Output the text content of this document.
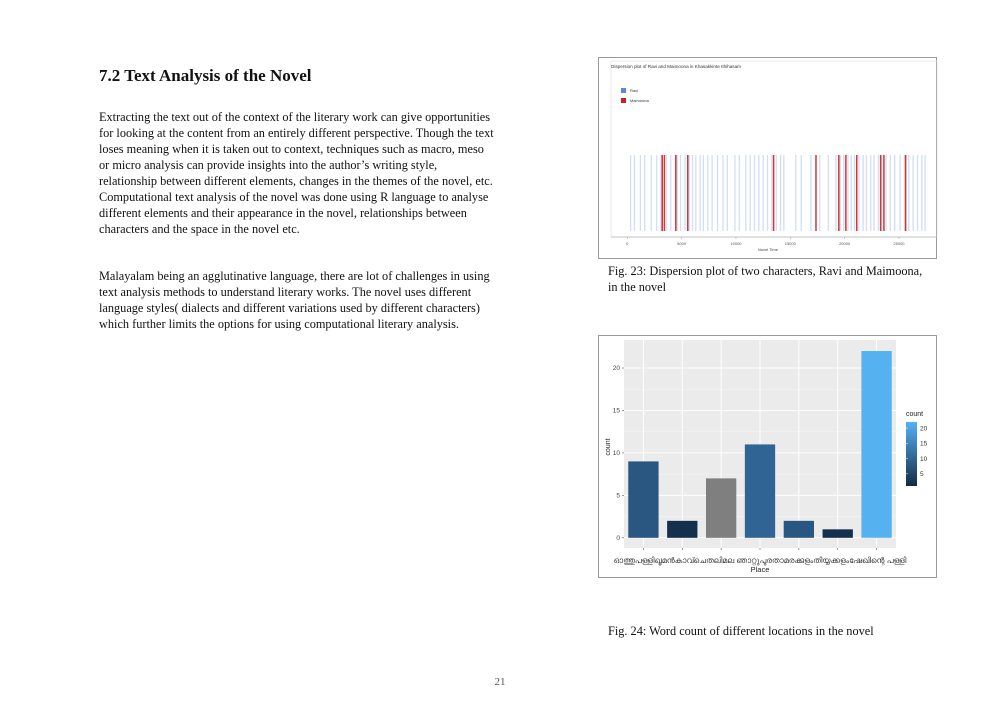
7.2 Text Analysis of the Novel

Extracting the text out of the context of the literary work can give opportunities for looking at the content from an entirely different perspective. Though the text loses meaning when it is taken out to context, techniques such as macro, meso or micro analysis can provide insights into the author’s writing style, relationship between different elements, changes in the themes of the novel, etc. Computational text analysis of the novel was done using R language to analyse different elements and their appearance in the novel, relationships between characters and the space in the novel etc.

Malayalam being an agglutinative language, there are lot of challenges in using text analysis methods to understand literary works. The novel uses different language styles( dialects and different variations used by different characters) which further limits the options for using computational literary analysis.

Dispersion plot of Ravi and Maimoona in Khasakkinte Ithihasam
Ravi
Maimoona
0	5000	10000	15000	20000	25000
Novel Time

Fig. 23: Dispersion plot of two characters, Ravi and Maimoona, in the novel

0
5
10
15
20
count
ഓത്തുപള്ളിഖൂമൻകാവ്ചെതലിമല ഞാറ്റുപുരതാമരക്കുളംതിയ്യക്കളംഷേഖിന്റെ പള്ളി
Place
count
5
10
15
20

Fig. 24: Word count of different locations in the novel

21
